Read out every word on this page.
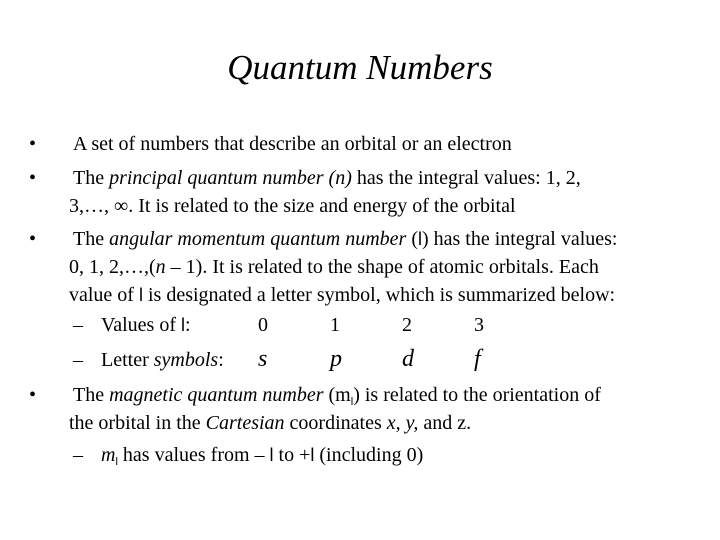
Quantum Numbers
• A set of numbers that describe an orbital or an electron
• The principal quantum number (n) has the integral values: 1, 2,
3,…, ∞. It is related to the size and energy of the orbital
• The angular momentum quantum number (l) has the integral values:
0, 1, 2,…,(n – 1). It is related to the shape of atomic orbitals. Each
value of l is designated a letter symbol, which is summarized below:
– Values of l:	0	1	2	3
– Letter symbols: s	p	d	f
• The magnetic quantum number $(m_l)$ is related to the orientation of
the orbital in the Cartesian coordinates x, y, and z.
– $m_l$ has values from – l to +l (including 0)
